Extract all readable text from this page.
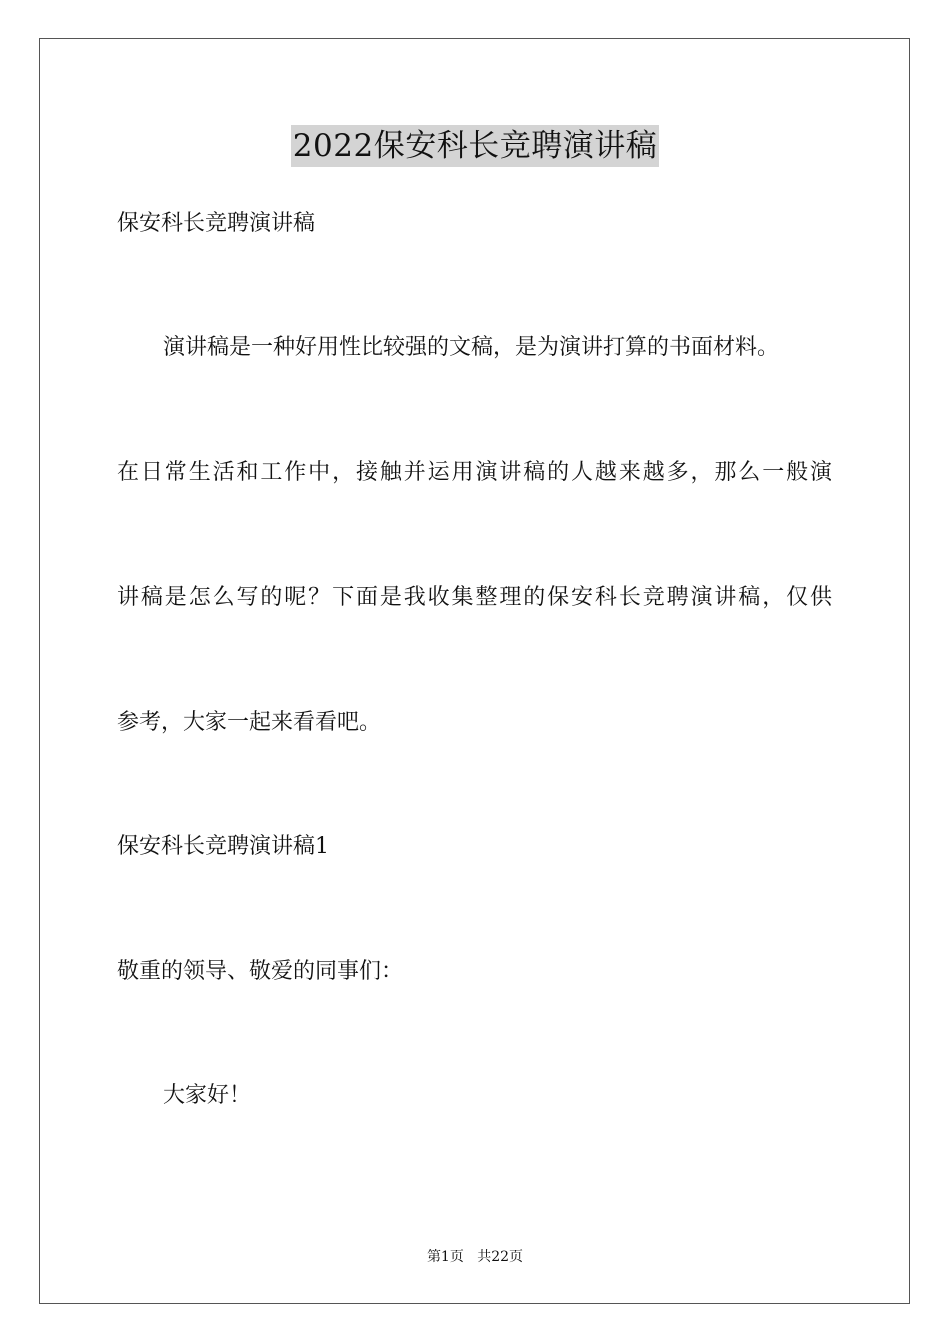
2022保安科长竞聘演讲稿
保安科长竞聘演讲稿
演讲稿是一种好用性比较强的文稿，是为演讲打算的书面材料。
在日常生活和工作中，接触并运用演讲稿的人越来越多，那么一般演
讲稿是怎么写的呢？下面是我收集整理的保安科长竞聘演讲稿，仅供
参考，大家一起来看看吧。
保安科长竞聘演讲稿1
敬重的领导、敬爱的同事们：
大家好！
第1页 共22页
